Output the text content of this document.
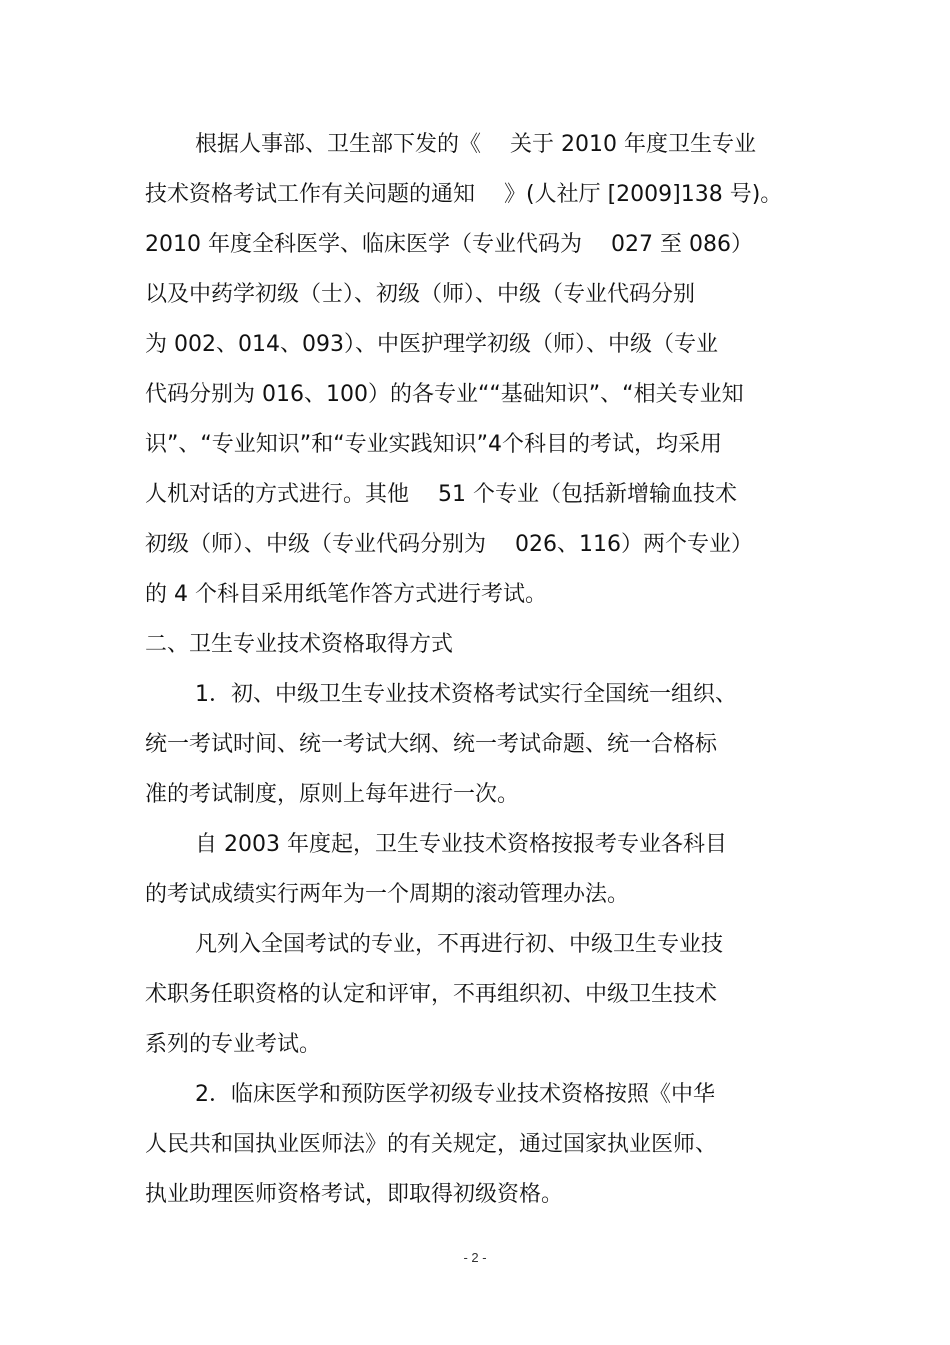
根据人事部、卫生部下发的《　 关于 2010 年度卫生专业
技术资格考试工作有关问题的通知　 》(人社厅 [2009]138 号)。
2010 年度全科医学、临床医学（专业代码为　 027 至 086）
以及中药学初级（士）、初级（师）、中级（专业代码分别
为 002、014、093）、中医护理学初级（师）、中级（专业
代码分别为 016、100）的各专业““基础知识”、“相关专业知
识”、“专业知识”和“专业实践知识”4个科目的考试，均采用
人机对话的方式进行。其他　 51 个专业（包括新增输血技术
初级（师）、中级（专业代码分别为　 026、116）两个专业）
的 4 个科目采用纸笔作答方式进行考试。
二、卫生专业技术资格取得方式
1．初、中级卫生专业技术资格考试实行全国统一组织、
统一考试时间、统一考试大纲、统一考试命题、统一合格标
准的考试制度，原则上每年进行一次。
自 2003 年度起，卫生专业技术资格按报考专业各科目
的考试成绩实行两年为一个周期的滚动管理办法。
凡列入全国考试的专业，不再进行初、中级卫生专业技
术职务任职资格的认定和评审，不再组织初、中级卫生技术
系列的专业考试。
2．临床医学和预防医学初级专业技术资格按照《中华
人民共和国执业医师法》的有关规定，通过国家执业医师、
执业助理医师资格考试，即取得初级资格。
- 2 -
